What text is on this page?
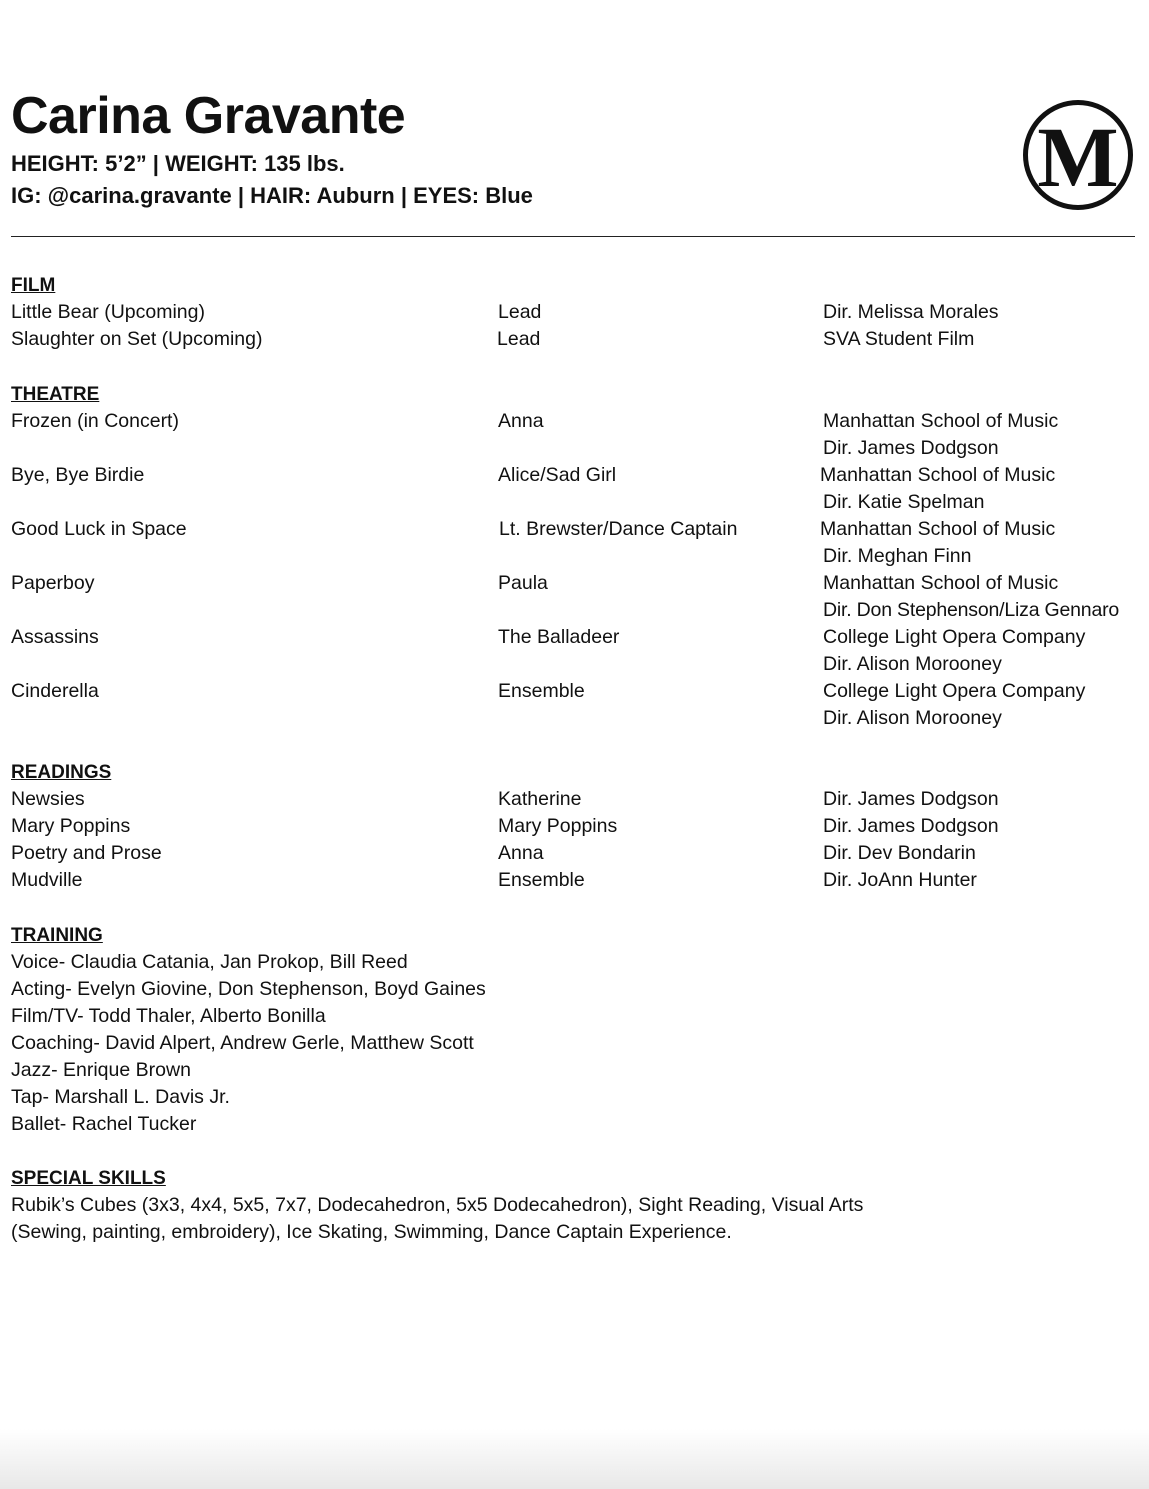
Carina Gravante
HEIGHT: 5’2” | WEIGHT: 135 lbs.
IG: @carina.gravante | HAIR: Auburn | EYES: Blue	M
FILM
Little Bear (Upcoming)	Lead	Dir. Melissa Morales
Slaughter on Set (Upcoming)	Lead	SVA Student Film
THEATRE
Frozen (in Concert)	Anna	Manhattan School of Music
Dir. James Dodgson
Bye, Bye Birdie	Alice/Sad Girl	Manhattan School of Music
Dir. Katie Spelman
Good Luck in Space	Lt. Brewster/Dance Captain	Manhattan School of Music
Dir. Meghan Finn
Paperboy	Paula	Manhattan School of Music
Dir. Don Stephenson/Liza Gennaro
Assassins	The Balladeer	College Light Opera Company
Dir. Alison Morooney
Cinderella	Ensemble	College Light Opera Company
Dir. Alison Morooney
READINGS
Newsies	Katherine	Dir. James Dodgson
Mary Poppins	Mary Poppins	Dir. James Dodgson
Poetry and Prose	Anna	Dir. Dev Bondarin
Mudville	Ensemble	Dir. JoAnn Hunter
TRAINING
Voice- Claudia Catania, Jan Prokop, Bill Reed
Acting- Evelyn Giovine, Don Stephenson, Boyd Gaines
Film/TV- Todd Thaler, Alberto Bonilla
Coaching- David Alpert, Andrew Gerle, Matthew Scott
Jazz- Enrique Brown
Tap- Marshall L. Davis Jr.
Ballet- Rachel Tucker
SPECIAL SKILLS
Rubik’s Cubes (3x3, 4x4, 5x5, 7x7, Dodecahedron, 5x5 Dodecahedron), Sight Reading, Visual Arts
(Sewing, painting, embroidery), Ice Skating, Swimming, Dance Captain Experience.
